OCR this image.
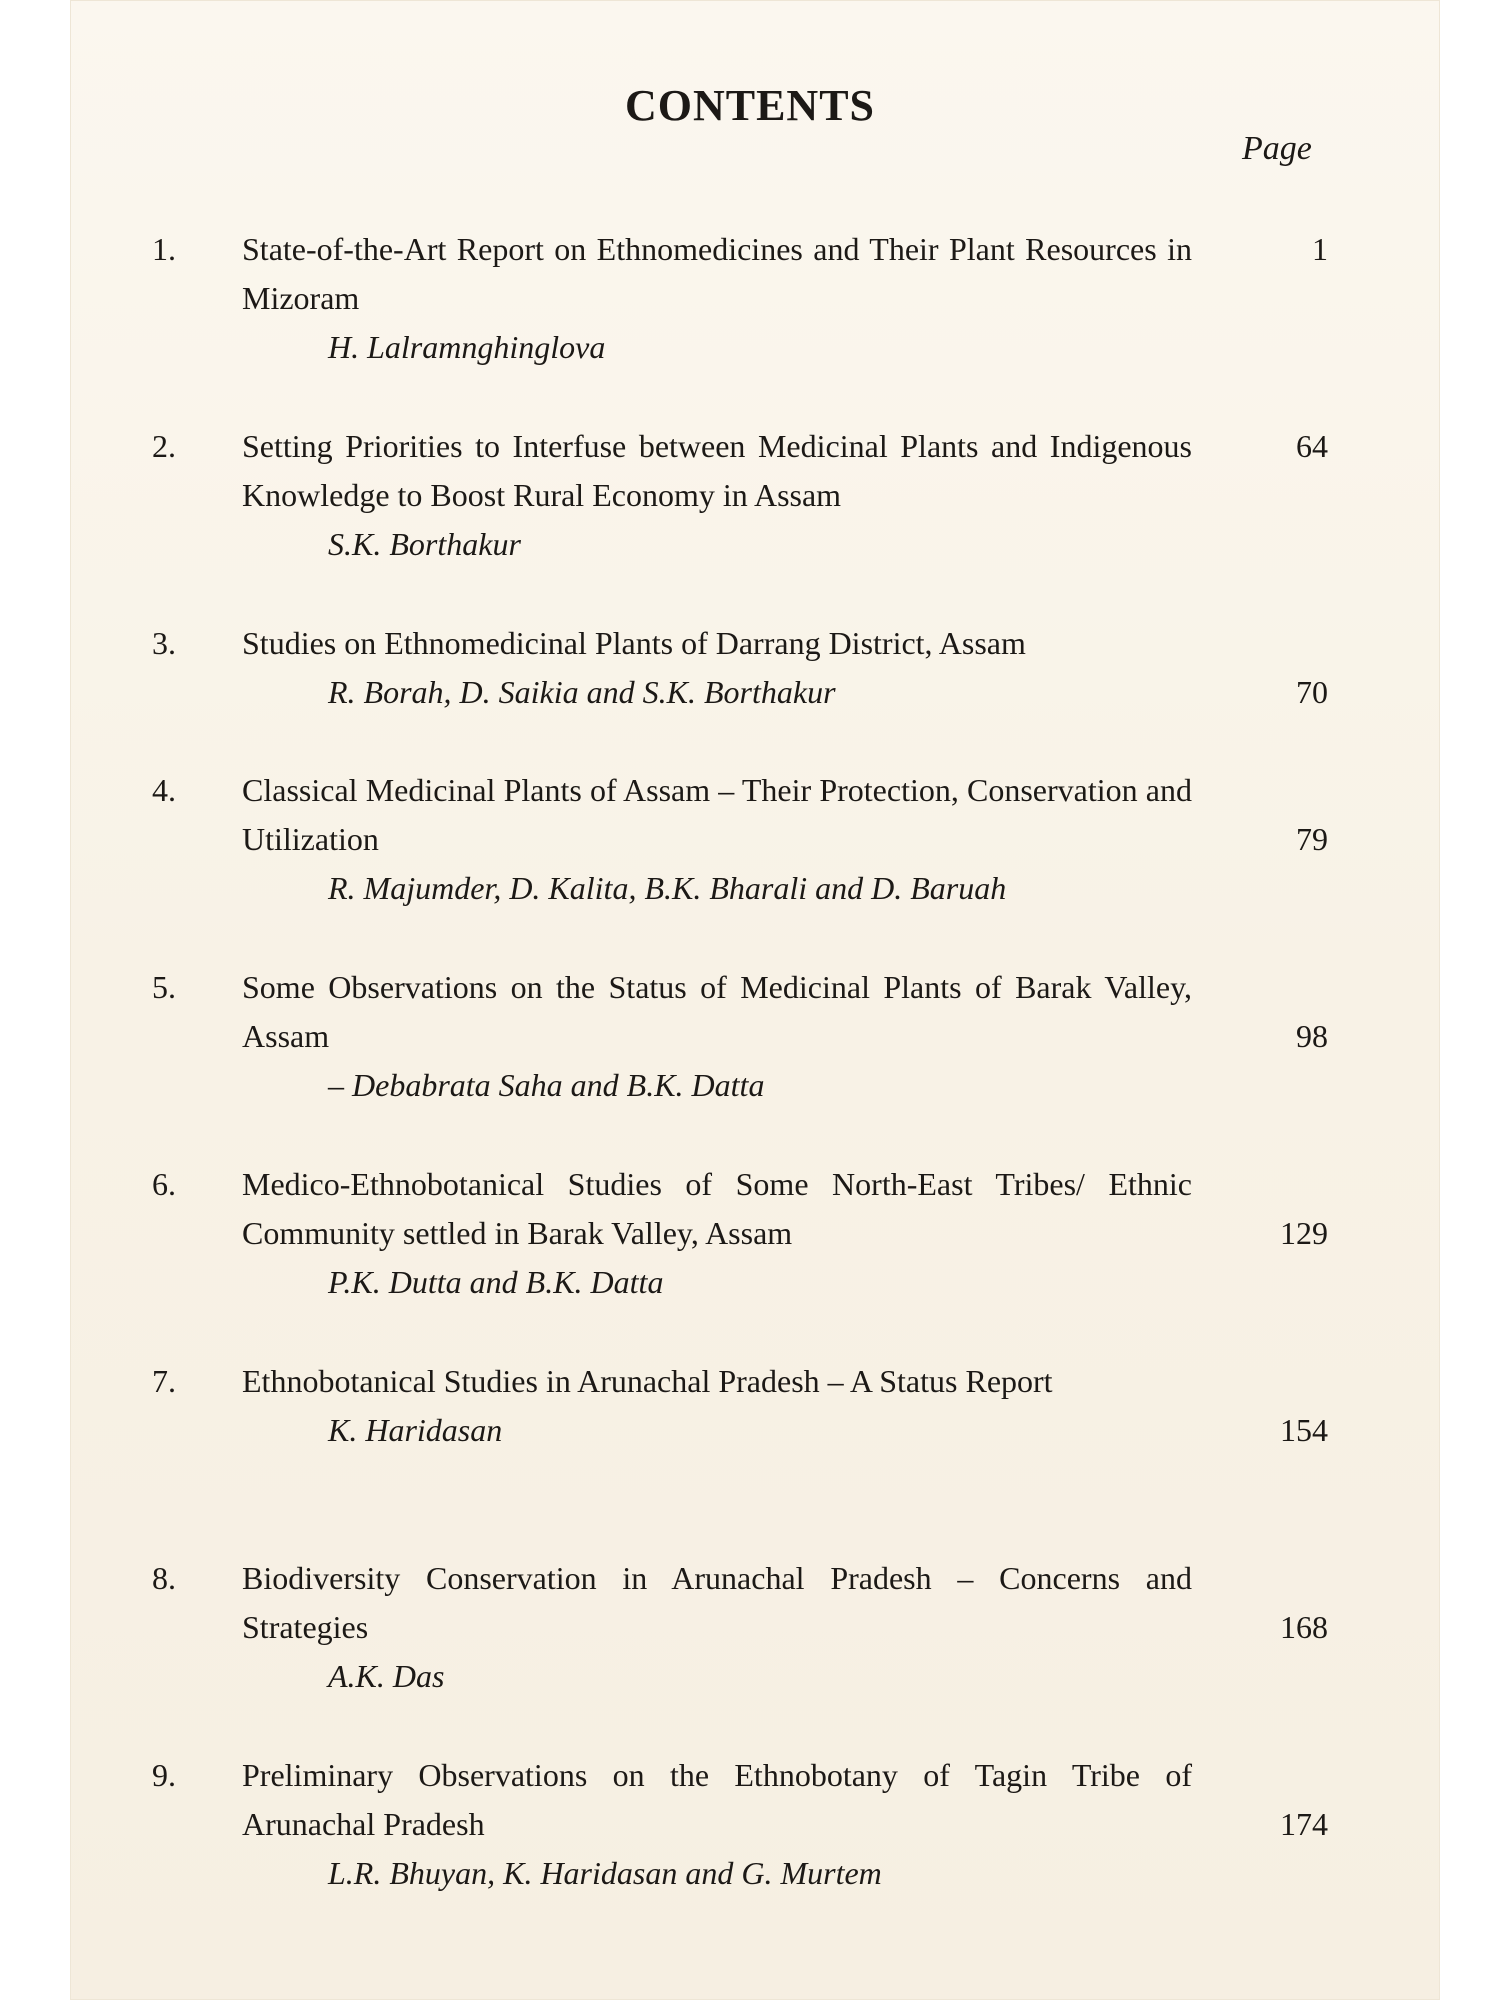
CONTENTS
Page
1. State-of-the-Art Report on Ethnomedicines and Their Plant Resources in Mizoram
H. Lalramnghinglova
1
2. Setting Priorities to Interfuse between Medicinal Plants and Indigenous Knowledge to Boost Rural Economy in Assam
S.K. Borthakur
64
3. Studies on Ethnomedicinal Plants of Darrang District, Assam
R. Borah, D. Saikia and S.K. Borthakur	70
4. Classical Medicinal Plants of Assam – Their Protection, Conservation and Utilization
R. Majumder, D. Kalita, B.K. Bharali and D. Baruah
79
5. Some Observations on the Status of Medicinal Plants of Barak Valley, Assam
– Debabrata Saha and B.K. Datta
98
6. Medico-Ethnobotanical Studies of Some North-East Tribes/ Ethnic Community settled in Barak Valley, Assam
P.K. Dutta and B.K. Datta
129
7. Ethnobotanical Studies in Arunachal Pradesh – A Status Report
K. Haridasan	154
8. Biodiversity Conservation in Arunachal Pradesh – Concerns and Strategies
A.K. Das
168
9. Preliminary Observations on the Ethnobotany of Tagin Tribe of Arunachal Pradesh
L.R. Bhuyan, K. Haridasan and G. Murtem
174
